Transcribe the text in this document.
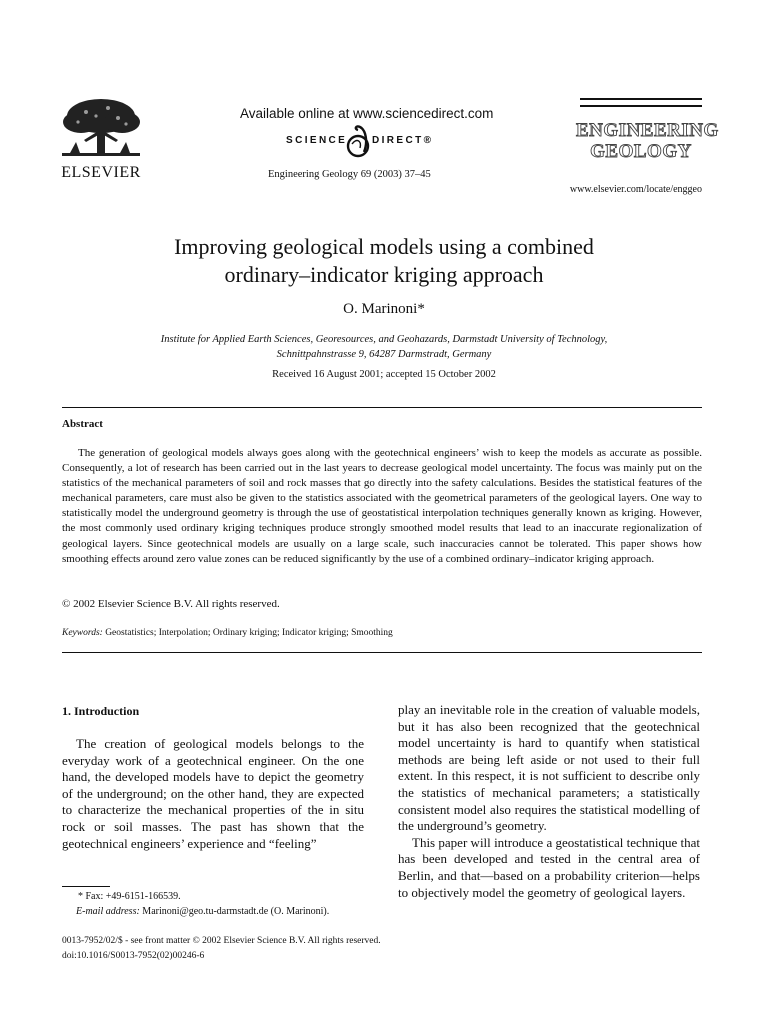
ELSEVIER
Available online at www.sciencedirect.com
SCIENCE DIRECT®
Engineering Geology 69 (2003) 37–45
ENGINEERING
GEOLOGY
www.elsevier.com/locate/enggeo
Improving geological models using a combined
ordinary–indicator kriging approach
O. Marinoni*
Institute for Applied Earth Sciences, Georesources, and Geohazards, Darmstadt University of Technology,
Schnittpahnstrasse 9, 64287 Darmstradt, Germany
Received 16 August 2001; accepted 15 October 2002
Abstract
The generation of geological models always goes along with the geotechnical engineers’ wish to keep the models as accurate as possible. Consequently, a lot of research has been carried out in the last years to decrease geological model uncertainty. The focus was mainly put on the statistics of the mechanical parameters of soil and rock masses that go directly into the safety calculations. Besides the statistical features of the mechanical parameters, care must also be given to the statistics associated with the geometrical parameters of the geological layers. One way to statistically model the underground geometry is through the use of geostatistical interpolation techniques generally known as kriging. However, the most commonly used ordinary kriging techniques produce strongly smoothed model results that lead to an inaccurate regionalization of geological layers. Since geotechnical models are usually on a large scale, such inaccuracies cannot be tolerated. This paper shows how smoothing effects around zero value zones can be reduced significantly by the use of a combined ordinary–indicator kriging approach.
© 2002 Elsevier Science B.V. All rights reserved.
Keywords: Geostatistics; Interpolation; Ordinary kriging; Indicator kriging; Smoothing
1. Introduction
The creation of geological models belongs to the everyday work of a geotechnical engineer. On the one hand, the developed models have to depict the geometry of the underground; on the other hand, they are expected to characterize the mechanical properties of the in situ rock or soil masses. The past has shown that the geotechnical engineers’ experience and “feeling”

play an inevitable role in the creation of valuable models, but it has also been recognized that the geotechnical model uncertainty is hard to quantify when statistical methods are being left aside or not used to their full extent. In this respect, it is not sufficient to describe only the statistics of mechanical parameters; a statistically consistent model also requires the statistical modelling of the underground’s geometry.

This paper will introduce a geostatistical technique that has been developed and tested in the central area of Berlin, and that—based on a probability criterion—helps to objectively model the geometry of geological layers.

* Fax: +49-6151-166539.
E-mail address: Marinoni@geo.tu-darmstadt.de (O. Marinoni).
0013-7952/02/$ - see front matter © 2002 Elsevier Science B.V. All rights reserved.
doi:10.1016/S0013-7952(02)00246-6
